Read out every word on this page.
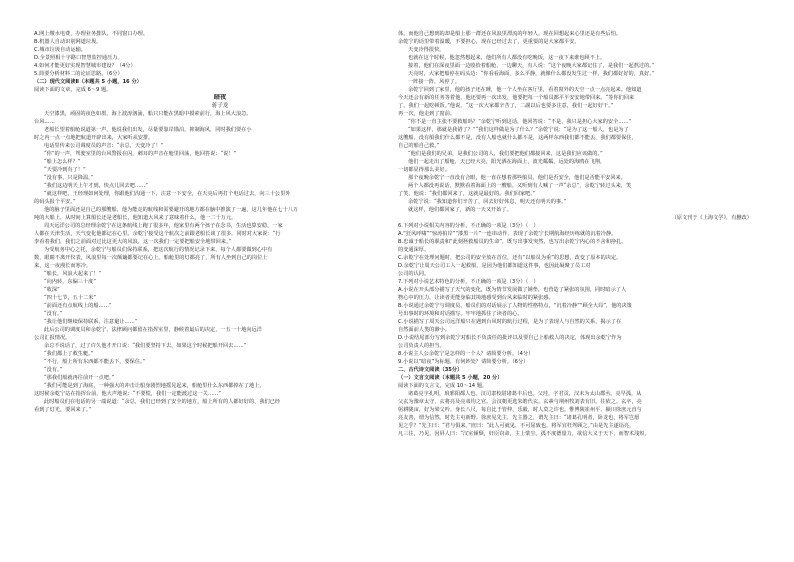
A.网上缴水电费，办理业务排队，不同窗口办理。
B.机器人自动识别网道垃圾。
C.城市垃圾自动运输。
D.全景照相十字路口智慧监控通压力。
4.如何才能更好实现智慧城市建设？（4分）
5.简要分析材料二的论证思路。（6分）
（二）现代文阅读Ⅱ（本题共 5 小题，16 分）
阅读下面的文章，完成 6～9 题。
暗夜
蒋子龙
天空漆黑，顽固的夜色如墨，海上波涛汹涌，船只只能在黑暗中摸索前行，海上风大浪急。
台风……
老船长望着船舱说道第一声，他说我们出发，尽量要靠岸锚泊，抑制海风，同时我们要在小
时之内一点一点地把航道开辟出来，大家听从安排。
电话里传来公司调度员的声音：“余总，天变冷了！”
“你”的一声，驾驶室里的台风警报在闪，刺耳的声音在舱里回荡，他回答说：“说！”
“船上怎么样？”
“天要冷到有了！”
“没有事，只是降温。”
“我们这边明天上午才到，快点儿回去吧……”
“就这样吧，王经理如何处理，你跟他们沟通一下，注意一下安全，在天亮后再打个电话过去，向三十公里外
的码头报个平安。”
他的脑子里面还是自己的那艘船，他为能走的航线和需要避开的地方都在脑中推演了一遍，这几年他在七十八万
吨的大船上，从时间上算船长还是老船长，他知道大风来了意味着什么，他一二十万元。
周天远洋公司的总经理余乾宁在这条航线上跑了很多年，他家里有两个孩子在念书，生活也算安稳，一家
人都在天津生活，天气变化他都记在心里。余乾宁接受这个航次之前跟老船长谈了很多，同时对大家说：“行
李看着我们，我们之前面对过比这更大的风浪，这一次我们一定要把船安全地带回来。”
为受航务中心之托，余乾宁与船员们保持联系，把这次航行的情况记录下来，每个人都要做到心中有
数，眼睛不离开仪表，风浪里每一次颠簸都要记在心上。船舱里的灯都亮了，所有人坐到自己的岗位上
来，这一夜漫长而寒冷。
“船长，风浪大起来了！”
“向内转，东偏三十度”
“收深”
“四十七节，五十二米”
“前面还有点航线上的船……”
“没有。”
“我让他们继续保持联系，注意避让……”
此后公司的调度员和余乾宁、法律顾问都留在指挥室里，静候着最后的决定，一五一十地向远洋
公司汇报情况。
余总不说话了，过了许久他才开口说：“我们要坚持下去，如果这个时候把船开回去……”
“我们都上了救生艇。”
“不行，船上所有东西都不能丢下，要保住。”
“没有。”
“那我们船就再往前开一点吧。”
“我们可能是到了海底，一种强大的冲击让船身剧烈地摇晃起来，船舱里什么东西都掉在了地上，
这时候余乾宁站在指挥台前，他大声地说：“不要慌，我们一定能渡过这一关……”
此时船员们在电话的另一端说道：“余总，我们已经到了安全的地方，船上所有的人都好好的，我们已经
看到了灯光，要回来了。”
体，而他自己想到的却是船上那一群还在风浪里漂流的年轻人，现在回想起来心里还是有些后怕。
余乾宁的话里带着温暖，不要担心，现在已经过去了，更重要的是大家都平安。
天变冷得很快。
也就在这个时候，他忽然想起来，他们所有人都没有吃晚饭，这一夜下来谁也顾不上。
接着，他们在深夜里面一边收拾着船舱，一边聊天，有人说：“这个夜晚大家都记住了，是我们一起熬过的。”
天亮时，大家把船停在码头边：“你看看海面，多么平静，就像什么都没发生过一样，我们都好好的，真好。”
一阵接一阵，风停了。
余乾宁回到了家里，他的孩子还在睡，他一个人坐在客厅里，看着窗外的天空一点一点亮起来。他知道
今天还会有新的任务等着他，他还要再一次出发，他要把每一个船员都平平安安地带回来。“等你们回来
了，我们一起吃顿饭。”他说，“这一次大家都辛苦了，二副以后也要多注意，我们一起好好干。”
再一次，他走到了窗前。
“你不是一直主张不要救船吗？”余乾宁听到这话，他回答说：“不是，我只是担心大家的安全……”
“如果这样，那就是我错了？”“我们这样做是为了什么？”余乾宁说：“是为了这一船人，也是为了
这艘船，没有船我们什么都不是，没有人船也就什么都不是，这两样东西我们都不能丢，我们都要保住，
自己的船自己救。”
“他们是我们的兄弟，是我们公司的人，我们要把他们都接回来，这是我们应该做的。”
他们一起走出了船舱，天已经大亮，阳光洒在海面上，波光粼粼，远处的海鸥在飞翔，
一切都显得那么美好。
那个夜晚余乾宁一直没有合眼，他一直在想着那些船员，他们是否安全，他们是否能平安回来。
两个人都没再说话，默默看着海面上的一艘船。又听到有人喊了一声“余总”，余乾宁转过头来，笑
了笑，他说：“我们都回来了，这就是最好的。我们回家吧。”
余乾宁说：“我知道你们辛苦了，回去好好休息，明天还有明天的事。”
就这样，他们都回家了，新的一天又开始了。
（原文刊于《上海文学》，有删改）
6.下列对小说相关内容的分析，不正确的一项是（3分）（　）
A.“狂风呼啸”“惊涛拍岸”“漆黑一片”一连串动作，表现了余乾宁长期航海经历练就的沉着冷静。
B.忠诚于船长的职责和“此刻拯救船员的生命”，既写出事发突然，也写出余乾宁内心的不舍和挣扎。
的变通深厚。
C.余乾宁在处理问题时，把公司的安全放在首位，还有“以船员为重”的思想，改变了原本的决定。
D.余乾宁让周天公司工人一起救船，是因为他们都知道这件事，也因此凝聚了员工对
公司的认同。
7.下列对小说艺术特色的分析，不正确的一项是（3分）（　）
A.小说在开头部分描写了天气的变化，既为情节发展做了铺垫，也营造了紧张的氛围，同时暗示了人
物心中的压力，让读者更能身临其境地感受到台风来临时的紧张感。
B.小说通过余乾宁与调度员、船员们的对话展示了人物的性格特点，“沉着冷静”“顾全大局”，他的决策
号出事时的环境和对话描写，牢牢地抓住了读者的心。
C.小说描写了周天公司远洋船只在遇到台风时的航行过程，是为了表现人与自然的关系，揭示了在
自然面前人类的渺小。
D.小说结尾部分写到余乾宁对船长不负责任的批评以及要自己上船救人的决定，体现出余乾宁作为
公司负责人的担当。
8.小说主人公余乾宁是怎样的一个人？请简要分析。（4分）
9.小说以“暗夜”为标题，有何妙处？请简要分析。（6分）
二、古代诗文阅读（35分）
（一）文言文阅读（本题共 5 小题，20 分）
阅读下面的文言文，完成 10～14 题。
诸葛亮字孔明，琅邪阳都人也。汉司隶校尉诸葛丰后也。父珪，字君贡，汉末为太山郡丞。亮早孤，从
父玄为豫章太守，玄将亮及亮弟均之官。会汉朝更选朱皓代玄。玄素与荆州牧刘表有旧，往依之。玄卒，亮
躬耕陇亩，好为梁父吟。身长八尺，每自比于管仲、乐毅，时人莫之许也。惟博陵崔州平、颍川徐庶元直与
亮友善，谓为信然。时先主屯新野。徐庶见先主，先主器之，谓先主曰：“诸葛孔明者，卧龙也，将军岂愿
见之乎？”先主曰：“君与俱来。”庶曰：“此人可就见，不可屈致也。将军宜枉驾顾之。”由是先主遂诣亮，
凡三往，乃见。因屏人曰：“汉室倾颓，奸臣窃命，主上蒙尘。孤不度德量力，欲信大义于天下，而智术浅短，
